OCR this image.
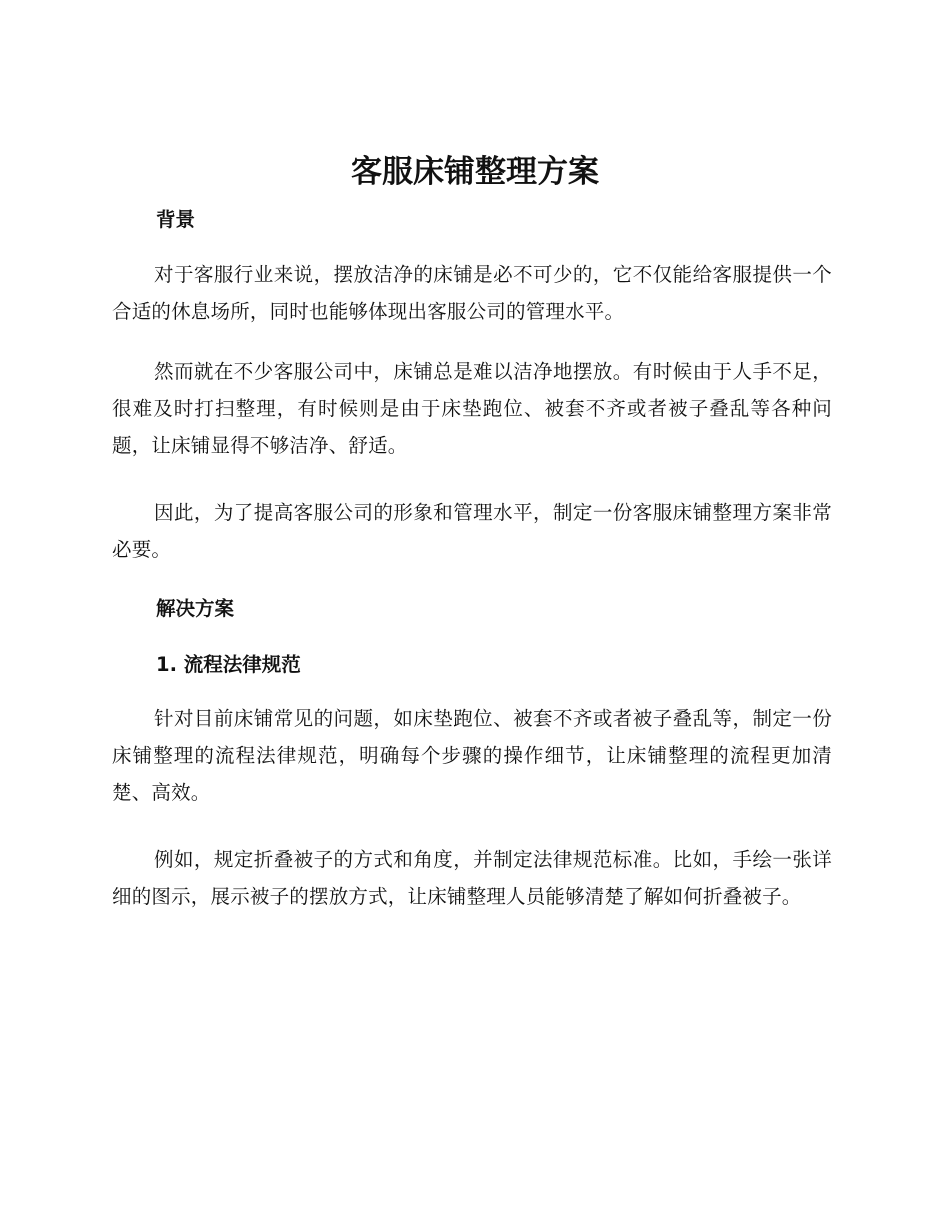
客服床铺整理方案
背景

对于客服行业来说，摆放洁净的床铺是必不可少的，它不仅能给客服提供一个合适的休息场所，同时也能够体现出客服公司的管理水平。

然而就在不少客服公司中，床铺总是难以洁净地摆放。有时候由于人手不足，很难及时打扫整理，有时候则是由于床垫跑位、被套不齐或者被子叠乱等各种问题，让床铺显得不够洁净、舒适。

因此，为了提高客服公司的形象和管理水平，制定一份客服床铺整理方案非常必要。

解决方案
1. 流程法律规范

针对目前床铺常见的问题，如床垫跑位、被套不齐或者被子叠乱等，制定一份床铺整理的流程法律规范，明确每个步骤的操作细节，让床铺整理的流程更加清楚、高效。

例如，规定折叠被子的方式和角度，并制定法律规范标准。比如，手绘一张详细的图示，展示被子的摆放方式，让床铺整理人员能够清楚了解如何折叠被子。
